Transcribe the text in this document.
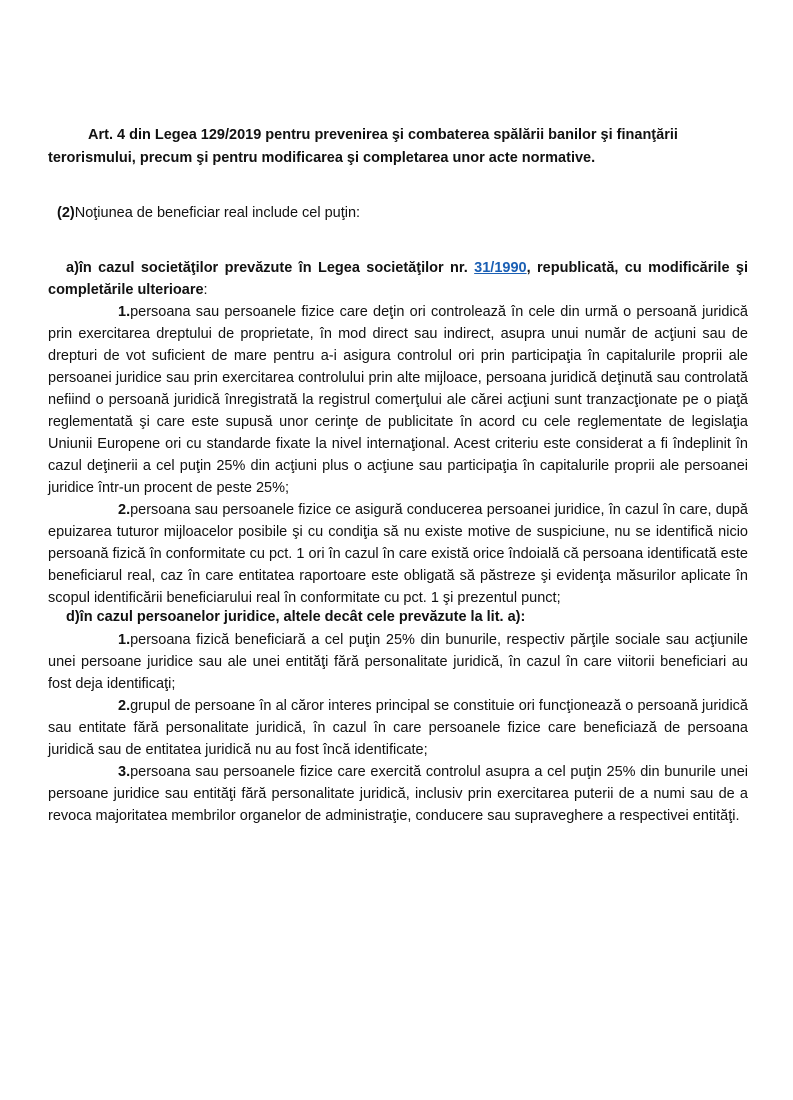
Art. 4 din Legea 129/2019 pentru prevenirea şi combaterea spălării banilor şi finanţării terorismului, precum şi pentru modificarea şi completarea unor acte normative.

(2)Noţiunea de beneficiar real include cel puţin:

a)în cazul societăţilor prevăzute în Legea societăţilor nr. 31/1990, republicată, cu modificările şi completările ulterioare:

1.persoana sau persoanele fizice care deţin ori controlează în cele din urmă o persoană juridică prin exercitarea dreptului de proprietate, în mod direct sau indirect, asupra unui număr de acţiuni sau de drepturi de vot suficient de mare pentru a-i asigura controlul ori prin participaţia în capitalurile proprii ale persoanei juridice sau prin exercitarea controlului prin alte mijloace, persoana juridică deţinută sau controlată nefiind o persoană juridică înregistrată la registrul comerţului ale cărei acţiuni sunt tranzacţionate pe o piaţă reglementată şi care este supusă unor cerinţe de publicitate în acord cu cele reglementate de legislaţia Uniunii Europene ori cu standarde fixate la nivel internaţional. Acest criteriu este considerat a fi îndeplinit în cazul deţinerii a cel puţin 25% din acţiuni plus o acţiune sau participaţia în capitalurile proprii ale persoanei juridice într-un procent de peste 25%;

2.persoana sau persoanele fizice ce asigură conducerea persoanei juridice, în cazul în care, după epuizarea tuturor mijloacelor posibile şi cu condiţia să nu existe motive de suspiciune, nu se identifică nicio persoană fizică în conformitate cu pct. 1 ori în cazul în care există orice îndoială că persoana identificată este beneficiarul real, caz în care entitatea raportoare este obligată să păstreze şi evidenţa măsurilor aplicate în scopul identificării beneficiarului real în conformitate cu pct. 1 şi prezentul punct;

d)în cazul persoanelor juridice, altele decât cele prevăzute la lit. a):

1.persoana fizică beneficiară a cel puţin 25% din bunurile, respectiv părţile sociale sau acţiunile unei persoane juridice sau ale unei entităţi fără personalitate juridică, în cazul în care viitorii beneficiari au fost deja identificaţi;

2.grupul de persoane în al căror interes principal se constituie ori funcţionează o persoană juridică sau entitate fără personalitate juridică, în cazul în care persoanele fizice care beneficiază de persoana juridică sau de entitatea juridică nu au fost încă identificate;

3.persoana sau persoanele fizice care exercită controlul asupra a cel puţin 25% din bunurile unei persoane juridice sau entităţi fără personalitate juridică, inclusiv prin exercitarea puterii de a numi sau de a revoca majoritatea membrilor organelor de administraţie, conducere sau supraveghere a respectivei entităţi.
